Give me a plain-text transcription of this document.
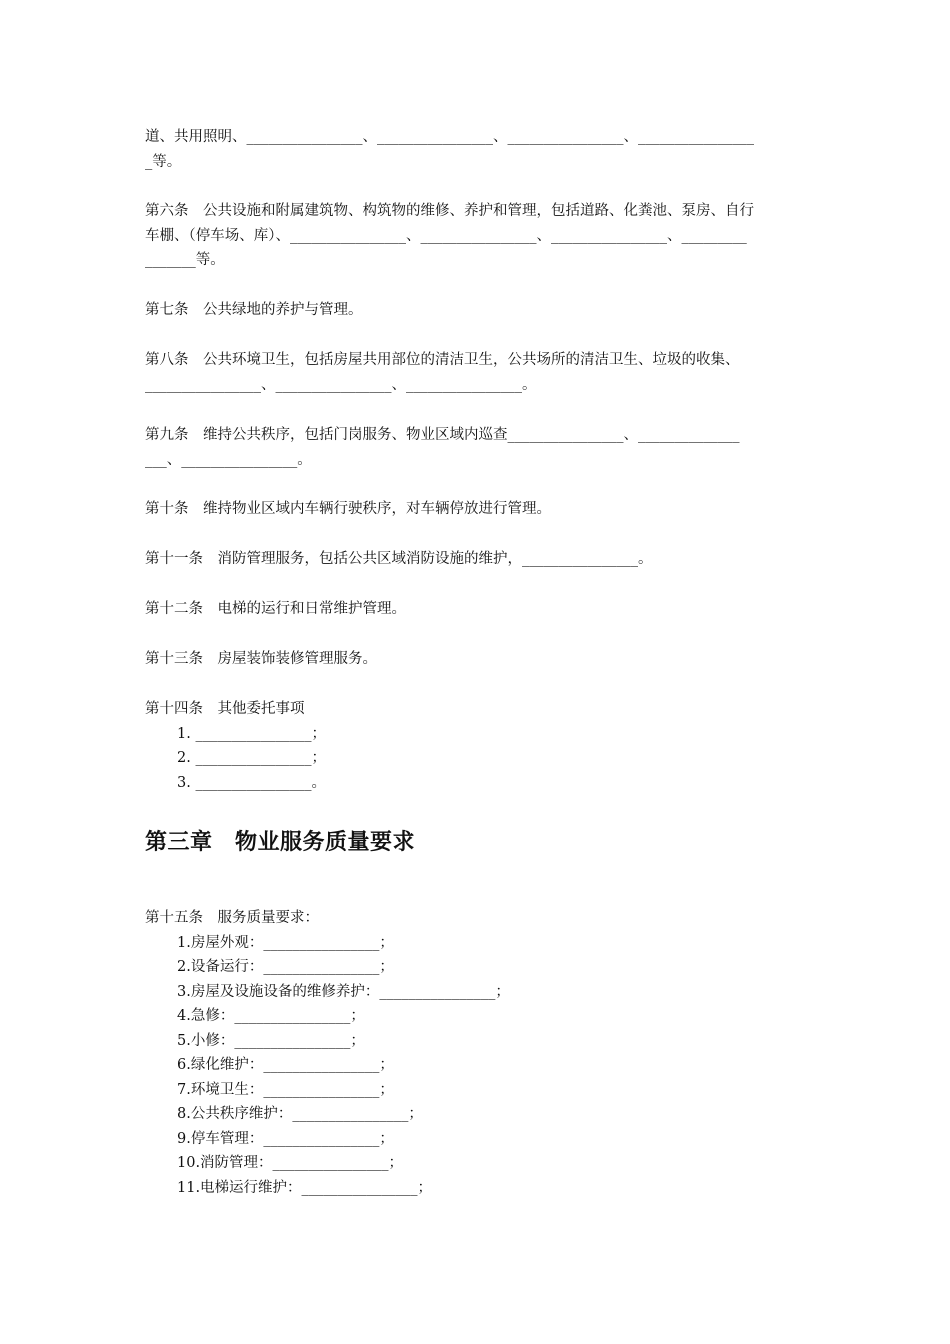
道、共用照明、________________、________________、________________、________________
_等。
第六条　公共设施和附属建筑物、构筑物的维修、养护和管理，包括道路、化粪池、泵房、自行
车棚、（停车场、库）、________________、________________、________________、_________
_______等。
第七条　公共绿地的养护与管理。
第八条　公共环境卫生，包括房屋共用部位的清洁卫生，公共场所的清洁卫生、垃圾的收集、
________________、________________、________________。
第九条　维持公共秩序，包括门岗服务、物业区域内巡查________________、______________
___、________________。
第十条　维持物业区域内车辆行驶秩序，对车辆停放进行管理。
第十一条　消防管理服务，包括公共区域消防设施的维护，________________。
第十二条　电梯的运行和日常维护管理。
第十三条　房屋装饰装修管理服务。
第十四条　其他委托事项
1. ________________；
2. ________________；
3. ________________。
第三章　物业服务质量要求
第十五条　服务质量要求：
1.房屋外观：________________；
2.设备运行：________________；
3.房屋及设施设备的维修养护：________________；
4.急修：________________；
5.小修：________________；
6.绿化维护：________________；
7.环境卫生：________________；
8.公共秩序维护：________________；
9.停车管理：________________；
10.消防管理：________________；
11.电梯运行维护：________________；
